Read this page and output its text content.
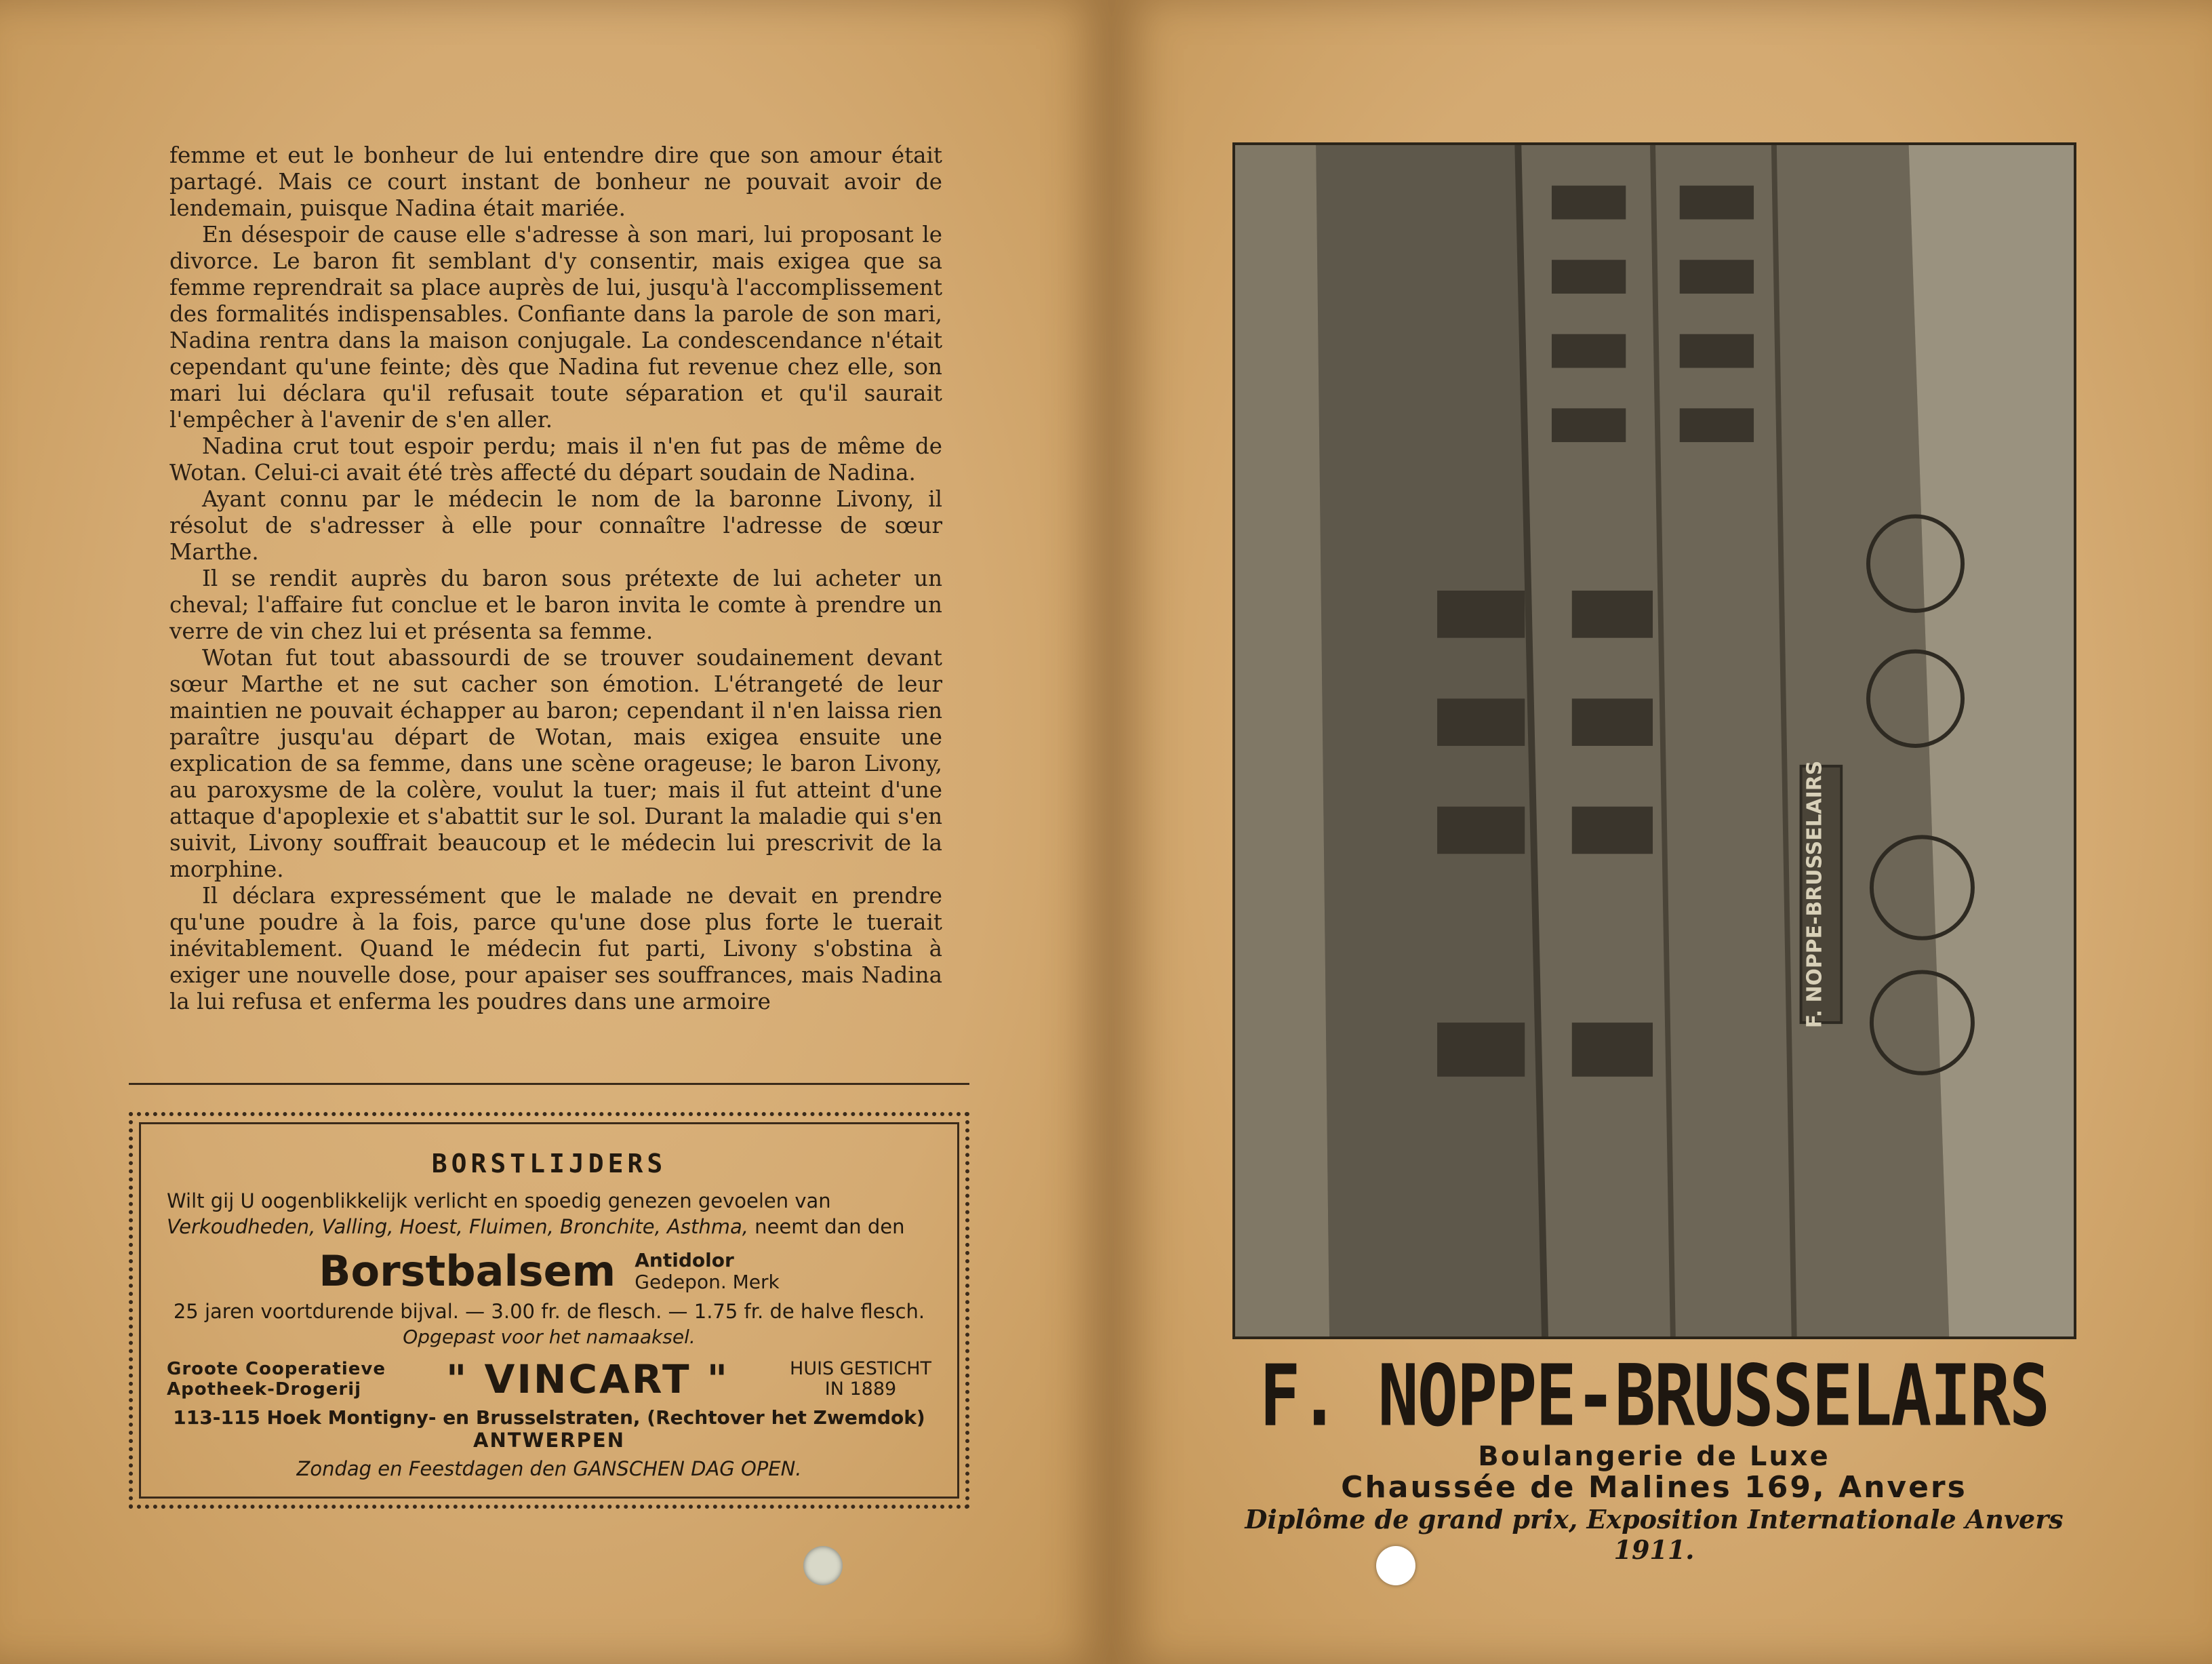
femme et eut le bonheur de lui entendre dire que son amour était partagé. Mais ce court instant de bonheur ne pouvait avoir de lendemain, puisque Nadina était mariée.

En désespoir de cause elle s'adresse à son mari, lui proposant le divorce. Le baron fit semblant d'y consentir, mais exigea que sa femme reprendrait sa place auprès de lui, jusqu'à l'accomplissement des formalités indispensables. Confiante dans la parole de son mari, Nadina rentra dans la maison conjugale. La condescendance n'était cependant qu'une feinte; dès que Nadina fut revenue chez elle, son mari lui déclara qu'il refusait toute séparation et qu'il saurait l'empêcher à l'avenir de s'en aller.

Nadina crut tout espoir perdu; mais il n'en fut pas de même de Wotan. Celui-ci avait été très affecté du départ soudain de Nadina.

Ayant connu par le médecin le nom de la baronne Livony, il résolut de s'adresser à elle pour connaître l'adresse de sœur Marthe.

Il se rendit auprès du baron sous prétexte de lui acheter un cheval; l'affaire fut conclue et le baron invita le comte à prendre un verre de vin chez lui et présenta sa femme.

Wotan fut tout abassourdi de se trouver soudainement devant sœur Marthe et ne sut cacher son émotion. L'étrangeté de leur maintien ne pouvait échapper au baron; cependant il n'en laissa rien paraître jusqu'au départ de Wotan, mais exigea ensuite une explication de sa femme, dans une scène orageuse; le baron Livony, au paroxysme de la colère, voulut la tuer; mais il fut atteint d'une attaque d'apoplexie et s'abattit sur le sol. Durant la maladie qui s'en suivit, Livony souffrait beaucoup et le médecin lui prescrivit de la morphine.

Il déclara expressément que le malade ne devait en prendre qu'une poudre à la fois, parce qu'une dose plus forte le tuerait inévitablement. Quand le médecin fut parti, Livony s'obstina à exiger une nouvelle dose, pour apaiser ses souffrances, mais Nadina la lui refusa et enferma les poudres dans une armoire

BORSTLIJDERS
Wilt gij U oogenblikkelijk verlicht en spoedig genezen gevoelen van Verkoudheden, Valling, Hoest, Fluimen, Bronchite, Asthma, neemt dan den
Borstbalsem Antidolor
Gedepon. Merk
25 jaren voortdurende bijval. — 3.00 fr. de flesch. — 1.75 fr. de halve flesch.
Opgepast voor het namaaksel.
Groote Cooperatieve
Apotheek-Drogerij	" VINCART "	HUIS GESTICHT
IN 1889
113-115 Hoek Montigny- en Brusselstraten, (Rechtover het Zwemdok)
ANTWERPEN
Zondag en Feestdagen den GANSCHEN DAG OPEN.
F. NOPPE-BRUSSELAIRS
F. NOPPE-BRUSSELAIRS
Boulangerie de Luxe
Chaussée de Malines 169, Anvers
Diplôme de grand prix, Exposition Internationale Anvers 1911.
